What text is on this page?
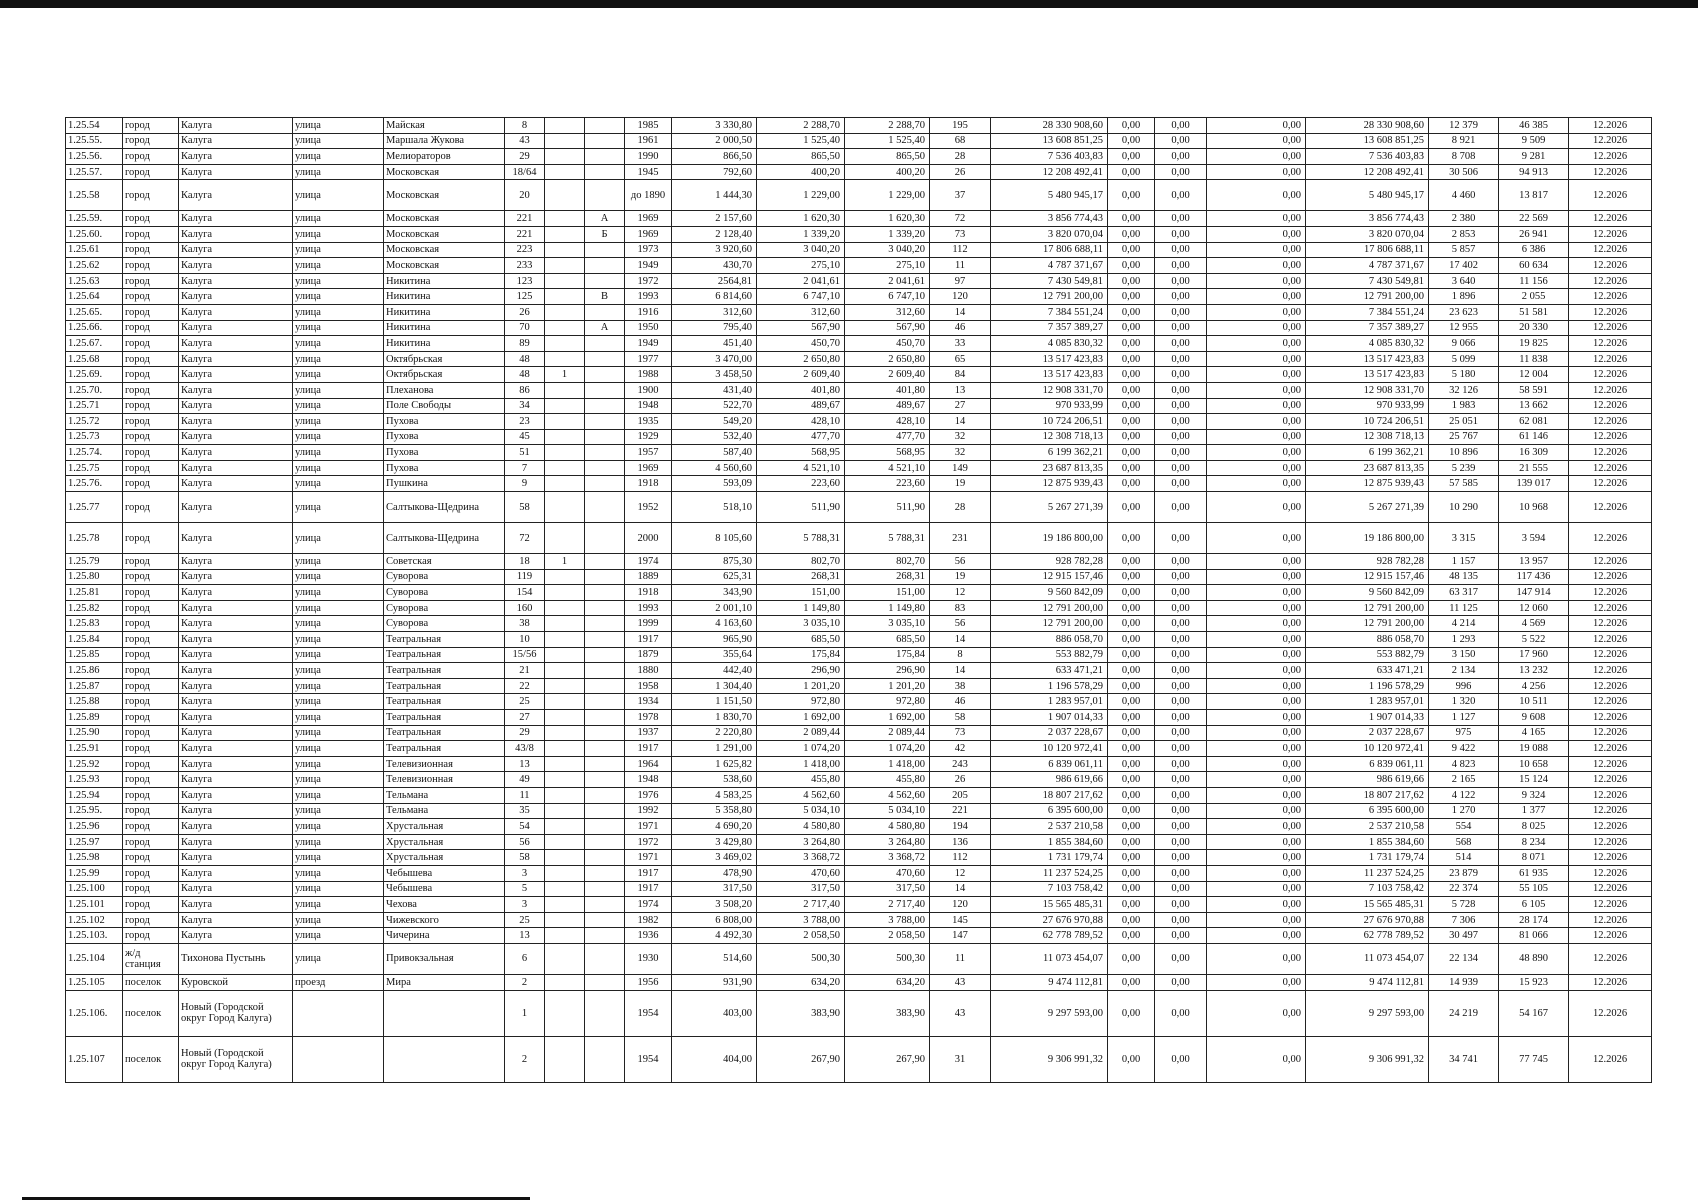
1.25.54	город	Калуга	улица	Майская	8			1985	3 330,80	2 288,70	2 288,70	195	28 330 908,60	0,00	0,00	0,00	28 330 908,60	12 379	46 385	12.2026
1.25.55.	город	Калуга	улица	Маршала Жукова	43			1961	2 000,50	1 525,40	1 525,40	68	13 608 851,25	0,00	0,00	0,00	13 608 851,25	8 921	9 509	12.2026
1.25.56.	город	Калуга	улица	Мелиораторов	29			1990	866,50	865,50	865,50	28	7 536 403,83	0,00	0,00	0,00	7 536 403,83	8 708	9 281	12.2026
1.25.57.	город	Калуга	улица	Московская	18/64			1945	792,60	400,20	400,20	26	12 208 492,41	0,00	0,00	0,00	12 208 492,41	30 506	94 913	12.2026
1.25.58	город	Калуга	улица	Московская	20			до 1890	1 444,30	1 229,00	1 229,00	37	5 480 945,17	0,00	0,00	0,00	5 480 945,17	4 460	13 817	12.2026
1.25.59.	город	Калуга	улица	Московская	221		А	1969	2 157,60	1 620,30	1 620,30	72	3 856 774,43	0,00	0,00	0,00	3 856 774,43	2 380	22 569	12.2026
1.25.60.	город	Калуга	улица	Московская	221		Б	1969	2 128,40	1 339,20	1 339,20	73	3 820 070,04	0,00	0,00	0,00	3 820 070,04	2 853	26 941	12.2026
1.25.61	город	Калуга	улица	Московская	223			1973	3 920,60	3 040,20	3 040,20	112	17 806 688,11	0,00	0,00	0,00	17 806 688,11	5 857	6 386	12.2026
1.25.62	город	Калуга	улица	Московская	233			1949	430,70	275,10	275,10	11	4 787 371,67	0,00	0,00	0,00	4 787 371,67	17 402	60 634	12.2026
1.25.63	город	Калуга	улица	Никитина	123			1972	2564,81	2 041,61	2 041,61	97	7 430 549,81	0,00	0,00	0,00	7 430 549,81	3 640	11 156	12.2026
1.25.64	город	Калуга	улица	Никитина	125		В	1993	6 814,60	6 747,10	6 747,10	120	12 791 200,00	0,00	0,00	0,00	12 791 200,00	1 896	2 055	12.2026
1.25.65.	город	Калуга	улица	Никитина	26			1916	312,60	312,60	312,60	14	7 384 551,24	0,00	0,00	0,00	7 384 551,24	23 623	51 581	12.2026
1.25.66.	город	Калуга	улица	Никитина	70		А	1950	795,40	567,90	567,90	46	7 357 389,27	0,00	0,00	0,00	7 357 389,27	12 955	20 330	12.2026
1.25.67.	город	Калуга	улица	Никитина	89			1949	451,40	450,70	450,70	33	4 085 830,32	0,00	0,00	0,00	4 085 830,32	9 066	19 825	12.2026
1.25.68	город	Калуга	улица	Октябрьская	48			1977	3 470,00	2 650,80	2 650,80	65	13 517 423,83	0,00	0,00	0,00	13 517 423,83	5 099	11 838	12.2026
1.25.69.	город	Калуга	улица	Октябрьская	48	1		1988	3 458,50	2 609,40	2 609,40	84	13 517 423,83	0,00	0,00	0,00	13 517 423,83	5 180	12 004	12.2026
1.25.70.	город	Калуга	улица	Плеханова	86			1900	431,40	401,80	401,80	13	12 908 331,70	0,00	0,00	0,00	12 908 331,70	32 126	58 591	12.2026
1.25.71	город	Калуга	улица	Поле Свободы	34			1948	522,70	489,67	489,67	27	970 933,99	0,00	0,00	0,00	970 933,99	1 983	13 662	12.2026
1.25.72	город	Калуга	улица	Пухова	23			1935	549,20	428,10	428,10	14	10 724 206,51	0,00	0,00	0,00	10 724 206,51	25 051	62 081	12.2026
1.25.73	город	Калуга	улица	Пухова	45			1929	532,40	477,70	477,70	32	12 308 718,13	0,00	0,00	0,00	12 308 718,13	25 767	61 146	12.2026
1.25.74.	город	Калуга	улица	Пухова	51			1957	587,40	568,95	568,95	32	6 199 362,21	0,00	0,00	0,00	6 199 362,21	10 896	16 309	12.2026
1.25.75	город	Калуга	улица	Пухова	7			1969	4 560,60	4 521,10	4 521,10	149	23 687 813,35	0,00	0,00	0,00	23 687 813,35	5 239	21 555	12.2026
1.25.76.	город	Калуга	улица	Пушкина	9			1918	593,09	223,60	223,60	19	12 875 939,43	0,00	0,00	0,00	12 875 939,43	57 585	139 017	12.2026
1.25.77	город	Калуга	улица	Салтыкова-Щедрина	58			1952	518,10	511,90	511,90	28	5 267 271,39	0,00	0,00	0,00	5 267 271,39	10 290	10 968	12.2026
1.25.78	город	Калуга	улица	Салтыкова-Щедрина	72			2000	8 105,60	5 788,31	5 788,31	231	19 186 800,00	0,00	0,00	0,00	19 186 800,00	3 315	3 594	12.2026
1.25.79	город	Калуга	улица	Советская	18	1		1974	875,30	802,70	802,70	56	928 782,28	0,00	0,00	0,00	928 782,28	1 157	13 957	12.2026
1.25.80	город	Калуга	улица	Суворова	119			1889	625,31	268,31	268,31	19	12 915 157,46	0,00	0,00	0,00	12 915 157,46	48 135	117 436	12.2026
1.25.81	город	Калуга	улица	Суворова	154			1918	343,90	151,00	151,00	12	9 560 842,09	0,00	0,00	0,00	9 560 842,09	63 317	147 914	12.2026
1.25.82	город	Калуга	улица	Суворова	160			1993	2 001,10	1 149,80	1 149,80	83	12 791 200,00	0,00	0,00	0,00	12 791 200,00	11 125	12 060	12.2026
1.25.83	город	Калуга	улица	Суворова	38			1999	4 163,60	3 035,10	3 035,10	56	12 791 200,00	0,00	0,00	0,00	12 791 200,00	4 214	4 569	12.2026
1.25.84	город	Калуга	улица	Театральная	10			1917	965,90	685,50	685,50	14	886 058,70	0,00	0,00	0,00	886 058,70	1 293	5 522	12.2026
1.25.85	город	Калуга	улица	Театральная	15/56			1879	355,64	175,84	175,84	8	553 882,79	0,00	0,00	0,00	553 882,79	3 150	17 960	12.2026
1.25.86	город	Калуга	улица	Театральная	21			1880	442,40	296,90	296,90	14	633 471,21	0,00	0,00	0,00	633 471,21	2 134	13 232	12.2026
1.25.87	город	Калуга	улица	Театральная	22			1958	1 304,40	1 201,20	1 201,20	38	1 196 578,29	0,00	0,00	0,00	1 196 578,29	996	4 256	12.2026
1.25.88	город	Калуга	улица	Театральная	25			1934	1 151,50	972,80	972,80	46	1 283 957,01	0,00	0,00	0,00	1 283 957,01	1 320	10 511	12.2026
1.25.89	город	Калуга	улица	Театральная	27			1978	1 830,70	1 692,00	1 692,00	58	1 907 014,33	0,00	0,00	0,00	1 907 014,33	1 127	9 608	12.2026
1.25.90	город	Калуга	улица	Театральная	29			1937	2 220,80	2 089,44	2 089,44	73	2 037 228,67	0,00	0,00	0,00	2 037 228,67	975	4 165	12.2026
1.25.91	город	Калуга	улица	Театральная	43/8			1917	1 291,00	1 074,20	1 074,20	42	10 120 972,41	0,00	0,00	0,00	10 120 972,41	9 422	19 088	12.2026
1.25.92	город	Калуга	улица	Телевизионная	13			1964	1 625,82	1 418,00	1 418,00	243	6 839 061,11	0,00	0,00	0,00	6 839 061,11	4 823	10 658	12.2026
1.25.93	город	Калуга	улица	Телевизионная	49			1948	538,60	455,80	455,80	26	986 619,66	0,00	0,00	0,00	986 619,66	2 165	15 124	12.2026
1.25.94	город	Калуга	улица	Тельмана	11			1976	4 583,25	4 562,60	4 562,60	205	18 807 217,62	0,00	0,00	0,00	18 807 217,62	4 122	9 324	12.2026
1.25.95.	город	Калуга	улица	Тельмана	35			1992	5 358,80	5 034,10	5 034,10	221	6 395 600,00	0,00	0,00	0,00	6 395 600,00	1 270	1 377	12.2026
1.25.96	город	Калуга	улица	Хрустальная	54			1971	4 690,20	4 580,80	4 580,80	194	2 537 210,58	0,00	0,00	0,00	2 537 210,58	554	8 025	12.2026
1.25.97	город	Калуга	улица	Хрустальная	56			1972	3 429,80	3 264,80	3 264,80	136	1 855 384,60	0,00	0,00	0,00	1 855 384,60	568	8 234	12.2026
1.25.98	город	Калуга	улица	Хрустальная	58			1971	3 469,02	3 368,72	3 368,72	112	1 731 179,74	0,00	0,00	0,00	1 731 179,74	514	8 071	12.2026
1.25.99	город	Калуга	улица	Чебышева	3			1917	478,90	470,60	470,60	12	11 237 524,25	0,00	0,00	0,00	11 237 524,25	23 879	61 935	12.2026
1.25.100	город	Калуга	улица	Чебышева	5			1917	317,50	317,50	317,50	14	7 103 758,42	0,00	0,00	0,00	7 103 758,42	22 374	55 105	12.2026
1.25.101	город	Калуга	улица	Чехова	3			1974	3 508,20	2 717,40	2 717,40	120	15 565 485,31	0,00	0,00	0,00	15 565 485,31	5 728	6 105	12.2026
1.25.102	город	Калуга	улица	Чижевского	25			1982	6 808,00	3 788,00	3 788,00	145	27 676 970,88	0,00	0,00	0,00	27 676 970,88	7 306	28 174	12.2026
1.25.103.	город	Калуга	улица	Чичерина	13			1936	4 492,30	2 058,50	2 058,50	147	62 778 789,52	0,00	0,00	0,00	62 778 789,52	30 497	81 066	12.2026
1.25.104	ж/д станция	Тихонова Пустынь	улица	Привокзальная	6			1930	514,60	500,30	500,30	11	11 073 454,07	0,00	0,00	0,00	11 073 454,07	22 134	48 890	12.2026
1.25.105	поселок	Куровской	проезд	Мира	2			1956	931,90	634,20	634,20	43	9 474 112,81	0,00	0,00	0,00	9 474 112,81	14 939	15 923	12.2026
1.25.106.	поселок	Новый (Городской округ Город Калуга)			1			1954	403,00	383,90	383,90	43	9 297 593,00	0,00	0,00	0,00	9 297 593,00	24 219	54 167	12.2026
1.25.107	поселок	Новый (Городской округ Город Калуга)			2			1954	404,00	267,90	267,90	31	9 306 991,32	0,00	0,00	0,00	9 306 991,32	34 741	77 745	12.2026
